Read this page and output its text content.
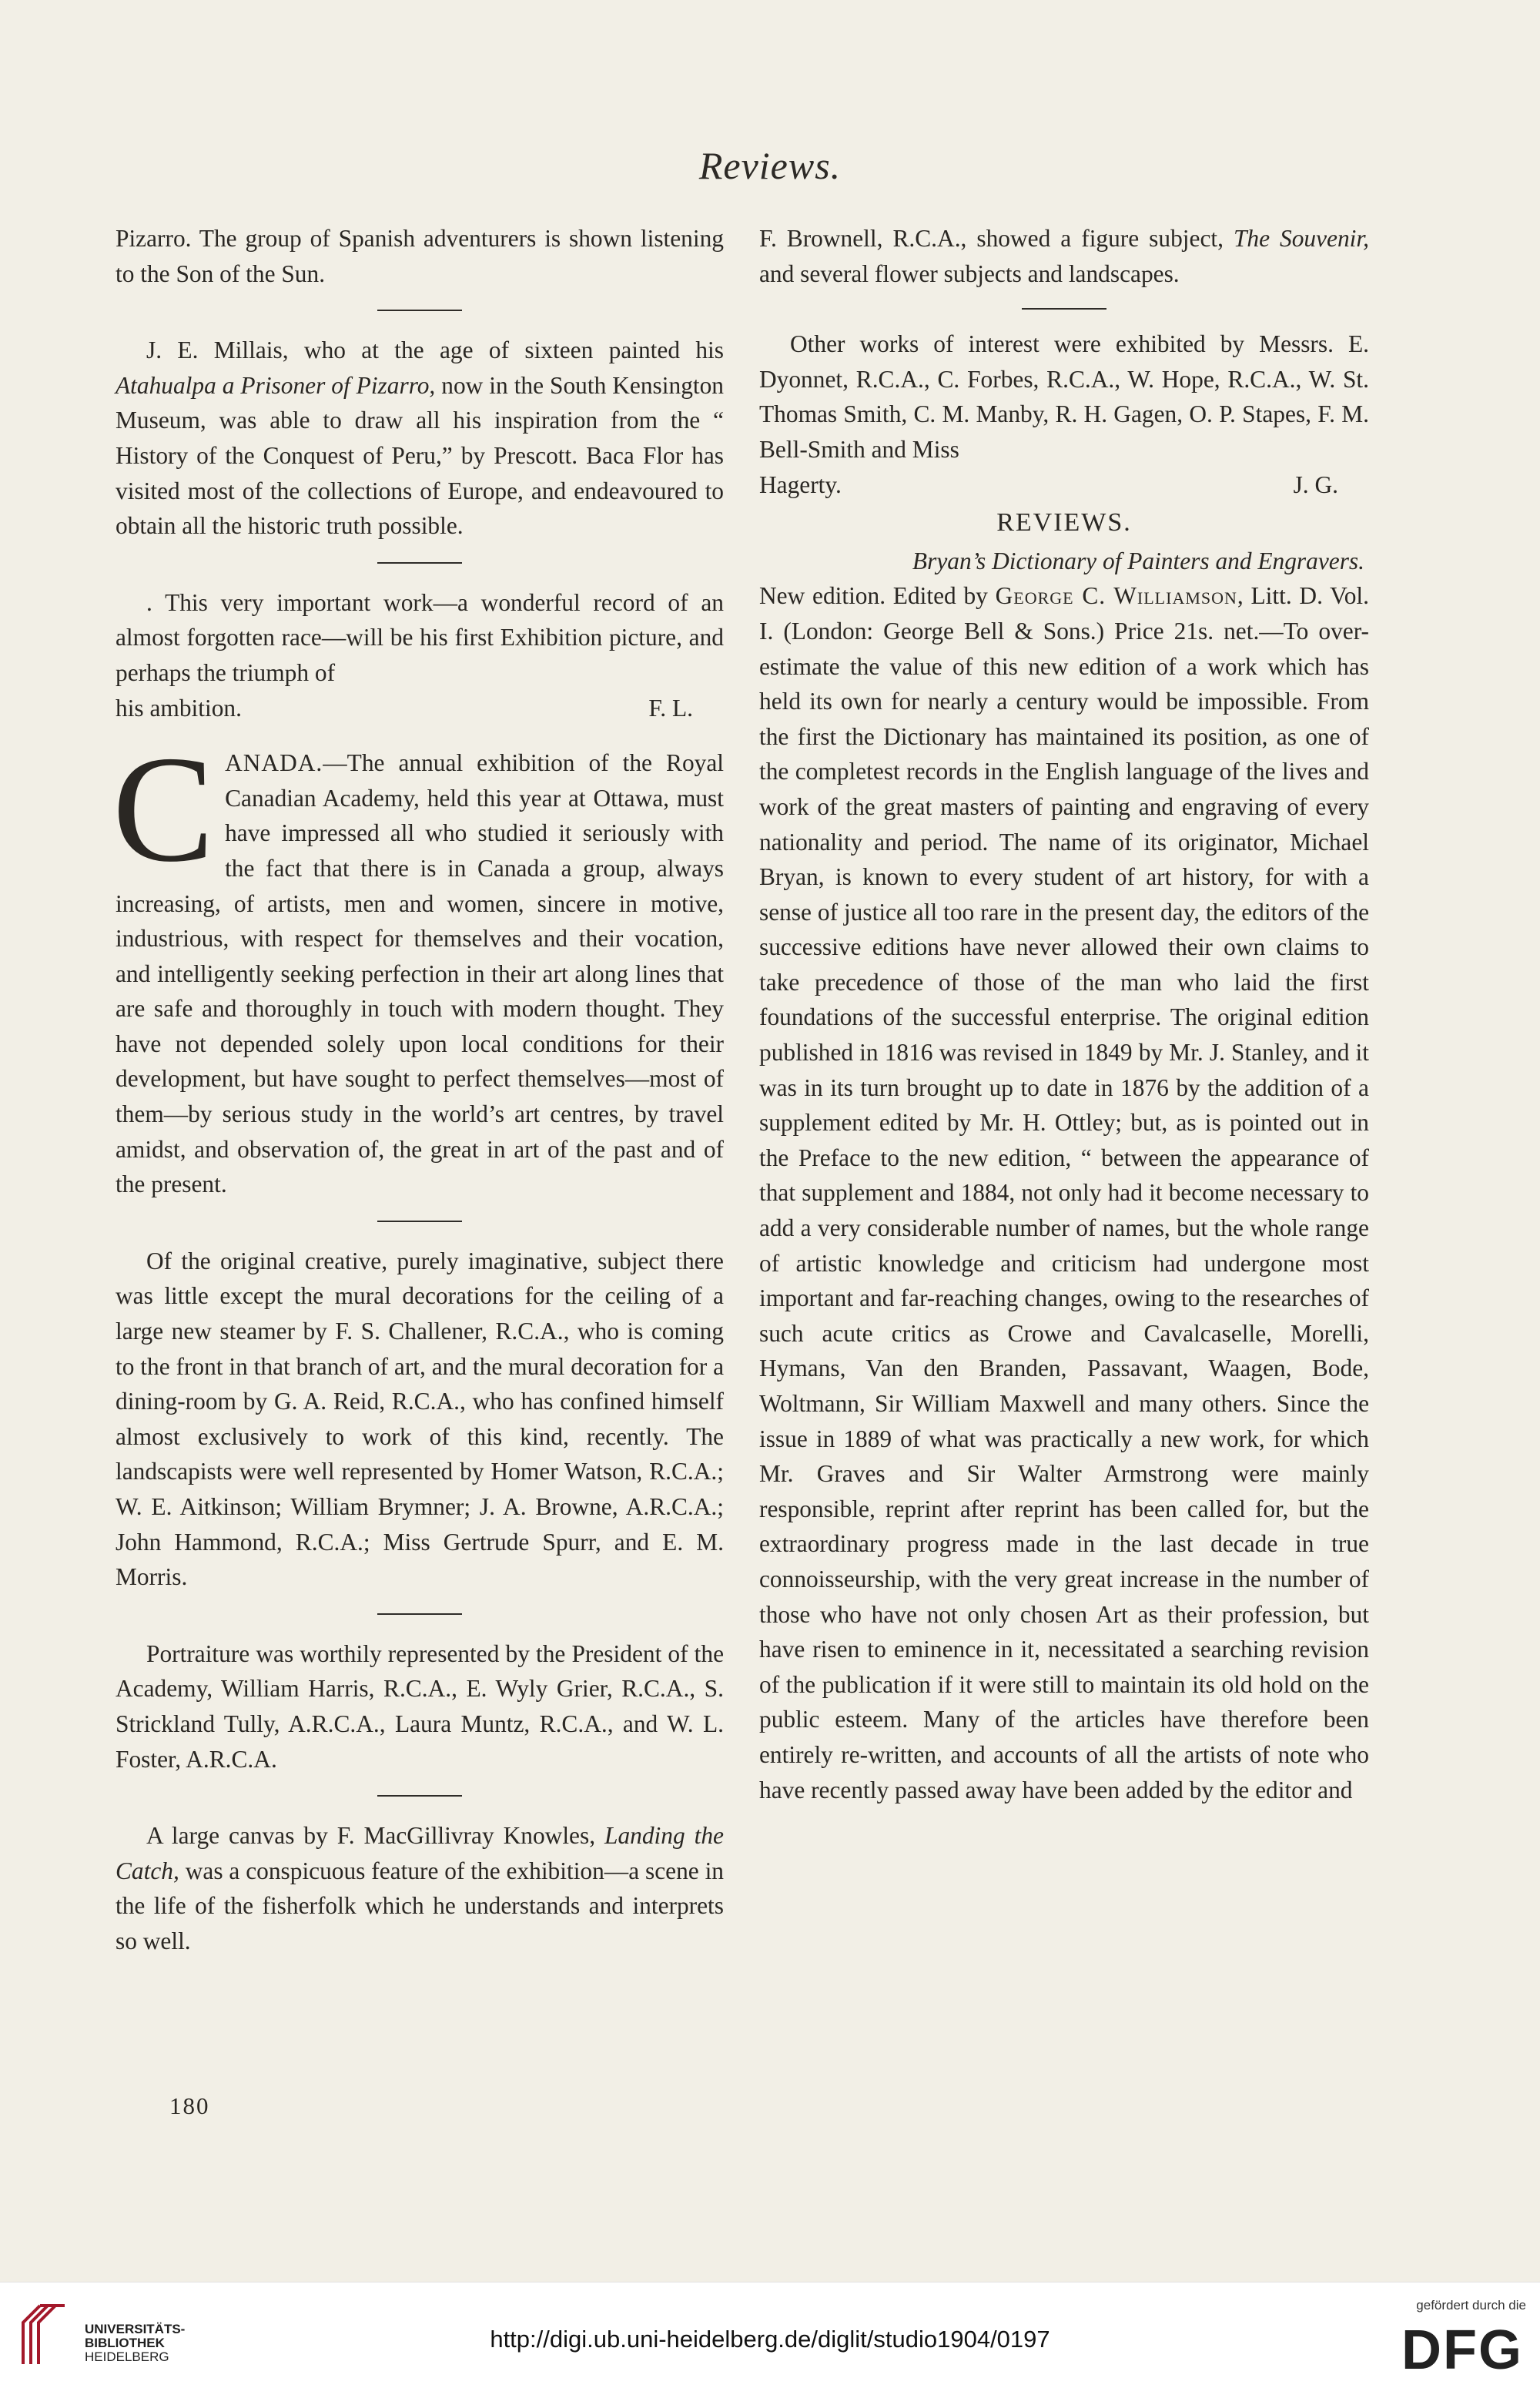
Reviews.

Pizarro. The group of Spanish adventurers is shown listening to the Son of the Sun.

J. E. Millais, who at the age of sixteen painted his Atahualpa a Prisoner of Pizarro, now in the South Kensington Museum, was able to draw all his inspiration from the “ History of the Conquest of Peru,” by Prescott. Baca Flor has visited most of the collections of Europe, and endeavoured to obtain all the historic truth possible.

. This very important work—a wonderful record of an almost forgotten race—will be his first Exhibition picture, and perhaps the triumph of

his ambition.	F. L.

CANADA.—The annual exhibition of the Royal Canadian Academy, held this year at Ottawa, must have impressed all who studied it seriously with the fact that there is in Canada a group, always increasing, of artists, men and women, sincere in motive, industrious, with respect for themselves and their vocation, and intelligently seeking perfection in their art along lines that are safe and thoroughly in touch with modern thought. They have not depended solely upon local conditions for their development, but have sought to perfect themselves—most of them—by serious study in the world’s art centres, by travel amidst, and observation of, the great in art of the past and of the present.

Of the original creative, purely imaginative, subject there was little except the mural decorations for the ceiling of a large new steamer by F. S. Challener, R.C.A., who is coming to the front in that branch of art, and the mural decoration for a dining-room by G. A. Reid, R.C.A., who has confined himself almost exclusively to work of this kind, recently. The landscapists were well represented by Homer Watson, R.C.A.; W. E. Aitkinson; William Brymner; J. A. Browne, A.R.C.A.; John Hammond, R.C.A.; Miss Gertrude Spurr, and E. M. Morris.

Portraiture was worthily represented by the President of the Academy, William Harris, R.C.A., E. Wyly Grier, R.C.A., S. Strickland Tully, A.R.C.A., Laura Muntz, R.C.A., and W. L. Foster, A.R.C.A.

A large canvas by F. MacGillivray Knowles, Landing the Catch, was a conspicuous feature of the exhibition—a scene in the life of the fisherfolk which he understands and interprets so well.

180

F. Brownell, R.C.A., showed a figure subject, The Souvenir, and several flower subjects and landscapes.

Other works of interest were exhibited by Messrs. E. Dyonnet, R.C.A., C. Forbes, R.C.A., W. Hope, R.C.A., W. St. Thomas Smith, C. M. Manby, R. H. Gagen, O. P. Stapes, F. M. Bell-Smith and Miss

Hagerty.	J. G.
REVIEWS.
Bryan’s Dictionary of Painters and Engravers.

New edition. Edited by George C. Williamson, Litt. D. Vol. I. (London: George Bell & Sons.) Price 21s. net.—To over-estimate the value of this new edition of a work which has held its own for nearly a century would be impossible. From the first the Dictionary has maintained its position, as one of the completest records in the English language of the lives and work of the great masters of painting and engraving of every nationality and period. The name of its originator, Michael Bryan, is known to every student of art history, for with a sense of justice all too rare in the present day, the editors of the successive editions have never allowed their own claims to take precedence of those of the man who laid the first foundations of the successful enterprise. The original edition published in 1816 was revised in 1849 by Mr. J. Stanley, and it was in its turn brought up to date in 1876 by the addition of a supplement edited by Mr. H. Ottley; but, as is pointed out in the Preface to the new edition, “ between the appearance of that supplement and 1884, not only had it become necessary to add a very considerable number of names, but the whole range of artistic knowledge and criticism had undergone most important and far-reaching changes, owing to the researches of such acute critics as Crowe and Cavalcaselle, Morelli, Hymans, Van den Branden, Passavant, Waagen, Bode, Woltmann, Sir William Maxwell and many others. Since the issue in 1889 of what was practically a new work, for which Mr. Graves and Sir Walter Armstrong were mainly responsible, reprint after reprint has been called for, but the extraordinary progress made in the last decade in true connoisseurship, with the very great increase in the number of those who have not only chosen Art as their profession, but have risen to eminence in it, necessitated a searching revision of the publication if it were still to maintain its old hold on the public esteem. Many of the articles have therefore been entirely re-written, and accounts of all the artists of note who have recently passed away have been added by the editor and

UNIVERSITÄTS-
BIBLIOTHEK
HEIDELBERG
http://digi.ub.uni-heidelberg.de/diglit/studio1904/0197
gefördert durch die
DFG
